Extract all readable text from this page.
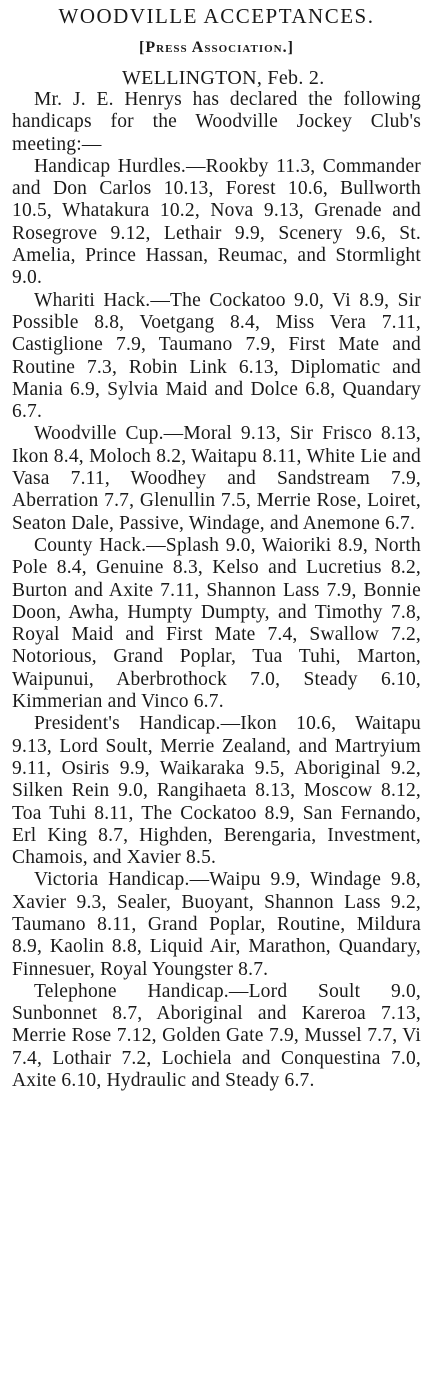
WOODVILLE ACCEPTANCES.
[Press Association.]
WELLINGTON, Feb. 2.

Mr. J. E. Henrys has declared the following handicaps for the Woodville Jockey Club's meeting:—

Handicap Hurdles.—Rookby 11.3, Commander and Don Carlos 10.13, Forest 10.6, Bullworth 10.5, Whatakura 10.2, Nova 9.13, Grenade and Rosegrove 9.12, Lethair 9.9, Scenery 9.6, St. Amelia, Prince Hassan, Reumac, and Stormlight 9.0.

Whariti Hack.—The Cockatoo 9.0, Vi 8.9, Sir Possible 8.8, Voetgang 8.4, Miss Vera 7.11, Castiglione 7.9, Taumano 7.9, First Mate and Routine 7.3, Robin Link 6.13, Diplomatic and Mania 6.9, Sylvia Maid and Dolce 6.8, Quandary 6.7.

Woodville Cup.—Moral 9.13, Sir Frisco 8.13, Ikon 8.4, Moloch 8.2, Waitapu 8.11, White Lie and Vasa 7.11, Woodhey and Sandstream 7.9, Aberration 7.7, Glenullin 7.5, Merrie Rose, Loiret, Seaton Dale, Passive, Windage, and Anemone 6.7.

County Hack.—Splash 9.0, Waioriki 8.9, North Pole 8.4, Genuine 8.3, Kelso and Lucretius 8.2, Burton and Axite 7.11, Shannon Lass 7.9, Bonnie Doon, Awha, Humpty Dumpty, and Timothy 7.8, Royal Maid and First Mate 7.4, Swallow 7.2, Notorious, Grand Poplar, Tua Tuhi, Marton, Waipunui, Aberbrothock 7.0, Steady 6.10, Kimmerian and Vinco 6.7.

President's Handicap.—Ikon 10.6, Waitapu 9.13, Lord Soult, Merrie Zealand, and Martryium 9.11, Osiris 9.9, Waikaraka 9.5, Aboriginal 9.2, Silken Rein 9.0, Rangihaeta 8.13, Moscow 8.12, Toa Tuhi 8.11, The Cockatoo 8.9, San Fernando, Erl King 8.7, Highden, Berengaria, Investment, Chamois, and Xavier 8.5.

Victoria Handicap.—Waipu 9.9, Windage 9.8, Xavier 9.3, Sealer, Buoyant, Shannon Lass 9.2, Taumano 8.11, Grand Poplar, Routine, Mildura 8.9, Kaolin 8.8, Liquid Air, Marathon, Quandary, Finnesuer, Royal Youngster 8.7.

Telephone Handicap.—Lord Soult 9.0, Sunbonnet 8.7, Aboriginal and Kareroa 7.13, Merrie Rose 7.12, Golden Gate 7.9, Mussel 7.7, Vi 7.4, Lothair 7.2, Lochiela and Conquestina 7.0, Axite 6.10, Hydraulic and Steady 6.7.
